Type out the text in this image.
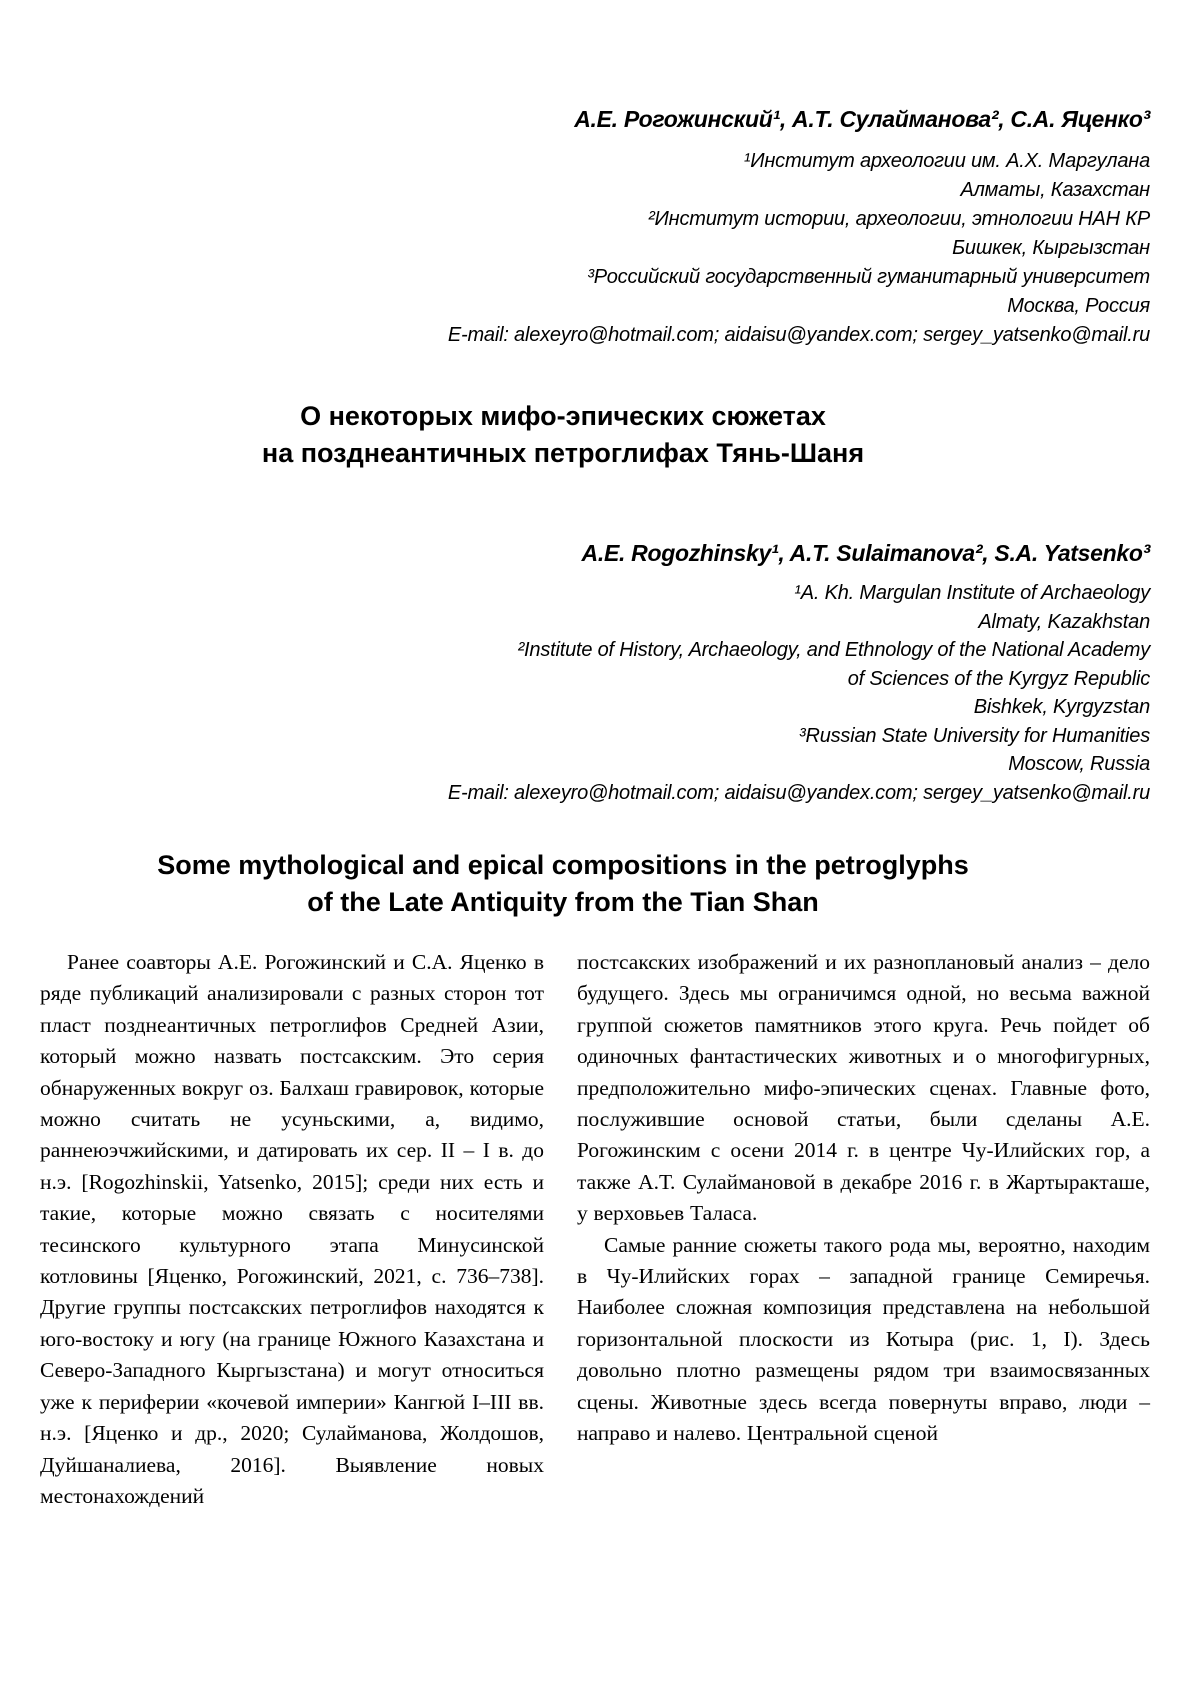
А.Е. Рогожинский¹, А.Т. Сулайманова², С.А. Яценко³
¹Институт археологии им. А.Х. Маргулана
Алматы, Казахстан
²Институт истории, археологии, этнологии НАН КР
Бишкек, Кыргызстан
³Российский государственный гуманитарный университет
Москва, Россия
E-mail: alexeyro@hotmail.com; aidaisu@yandex.com; sergey_yatsenko@mail.ru
О некоторых мифо-эпических сюжетах
на позднеантичных петроглифах Тянь-Шаня
A.E. Rogozhinsky¹, A.T. Sulaimanova², S.A. Yatsenko³
¹A. Kh. Margulan Institute of Archaeology
Almaty, Kazakhstan
²Institute of History, Archaeology, and Ethnology of the National Academy
of Sciences of the Kyrgyz Republic
Bishkek, Kyrgyzstan
³Russian State University for Humanities
Moscow, Russia
E-mail: alexeyro@hotmail.com; aidaisu@yandex.com; sergey_yatsenko@mail.ru
Some mythological and epical compositions in the petroglyphs
of the Late Antiquity from the Tian Shan

Ранее соавторы А.Е. Рогожинский и С.А. Яценко в ряде публикаций анализировали с разных сторон тот пласт позднеантичных петроглифов Средней Азии, который можно назвать постсакским. Это серия обнаруженных вокруг оз. Балхаш гравировок, которые можно считать не усуньскими, а, видимо, раннеюэчжийскими, и датировать их сер. II – I в. до н.э. [Rogozhinskii, Yatsenko, 2015]; среди них есть и такие, которые можно связать с носителями тесинского культурного этапа Минусинской котловины [Яценко, Рогожинский, 2021, с. 736–738]. Другие группы постсакских петроглифов находятся к юго-востоку и югу (на границе Южного Казахстана и Северо-Западного Кыргызстана) и могут относиться уже к периферии «кочевой империи» Кангюй I–III вв. н.э. [Яценко и др., 2020; Сулайманова, Жолдошов, Дуйшаналиева, 2016]. Выявление новых местонахождений

постсакских изображений и их разноплановый анализ – дело будущего. Здесь мы ограничимся одной, но весьма важной группой сюжетов памятников этого круга. Речь пойдет об одиночных фантастических животных и о многофигурных, предположительно мифо-эпических сценах. Главные фото, послужившие основой статьи, были сделаны А.Е. Рогожинским с осени 2014 г. в центре Чу-Илийских гор, а также А.Т. Сулаймановой в декабре 2016 г. в Жартыракташе, у верховьев Таласа.

Самые ранние сюжеты такого рода мы, вероятно, находим в Чу-Илийских горах – западной границе Семиречья. Наиболее сложная композиция представлена на небольшой горизонтальной плоскости из Котыра (рис. 1, I). Здесь довольно плотно размещены рядом три взаимосвязанных сцены. Животные здесь всегда повернуты вправо, люди – направо и налево. Центральной сценой
